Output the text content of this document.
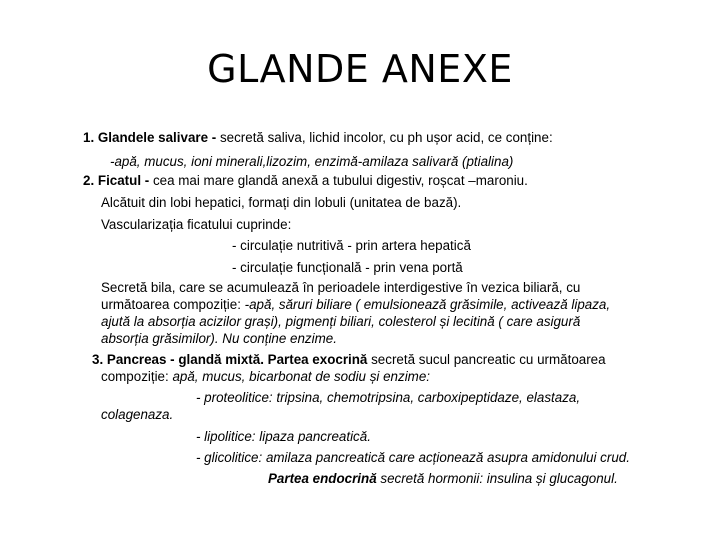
GLANDE ANEXE
1. Glandele salivare - secretă saliva, lichid incolor, cu ph ușor acid, ce conține:
-apă, mucus, ioni minerali,lizozim, enzimă-amilaza salivară (ptialina)
2. Ficatul - cea mai mare glandă anexă a tubului digestiv, roșcat –maroniu.
Alcătuit din lobi hepatici, formați din lobuli (unitatea de bază).
Vascularizația ficatului cuprinde:
- circulație nutritivă - prin artera hepatică
- circulație funcțională - prin vena portă
Secretă bila, care se acumulează în perioadele interdigestive în vezica biliară, cu
următoarea compoziție: -apă, săruri biliare ( emulsionează grăsimile, activează lipaza,
ajută la absorția acizilor grași), pigmenți biliari, colesterol și lecitină ( care asigură
absorția grăsimilor). Nu conține enzime.
3. Pancreas - glandă mixtă. Partea exocrină secretă sucul pancreatic cu următoarea
compoziție: apă, mucus, bicarbonat de sodiu și enzime:
- proteolitice: tripsina, chemotripsina, carboxipeptidaze, elastaza,
colagenaza.
- lipolitice: lipaza pancreatică.
- glicolitice: amilaza pancreatică care acționează asupra amidonului crud.
Partea endocrină secretă hormonii: insulina și glucagonul.
